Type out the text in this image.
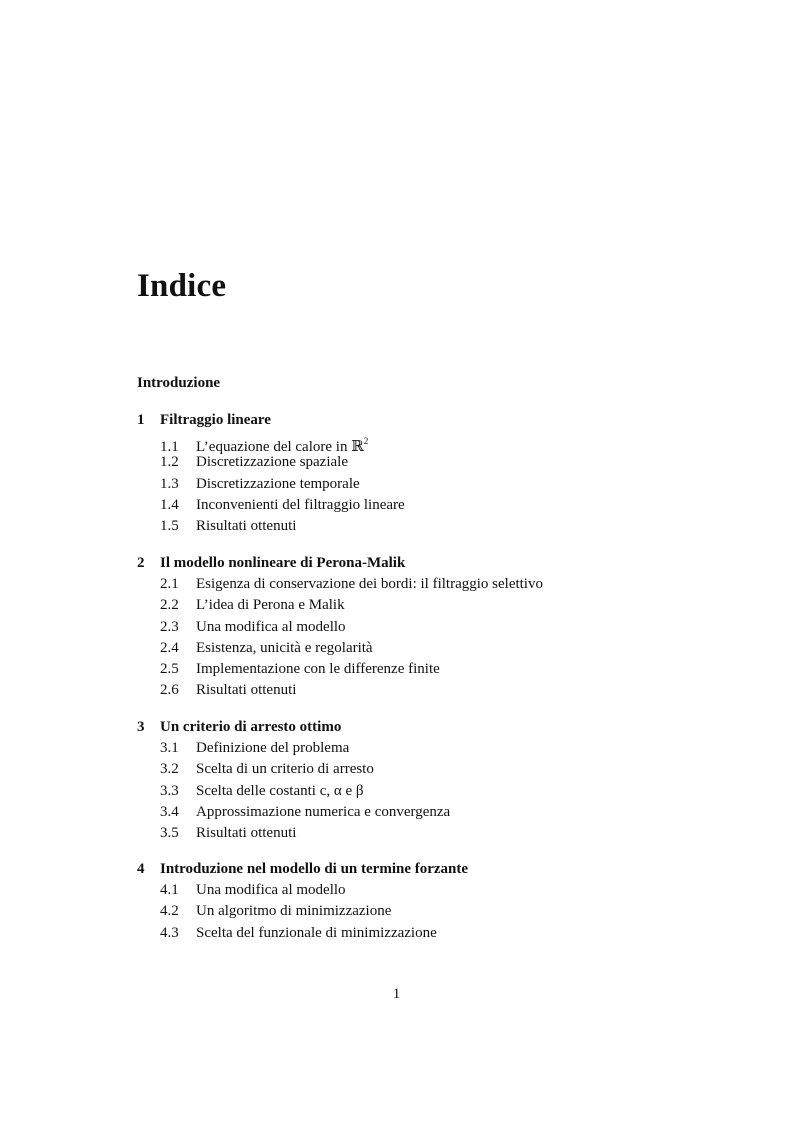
Indice
Introduzione
1 Filtraggio lineare
1.1 L’equazione del calore in ℝ$^2$
1.2 Discretizzazione spaziale
1.3 Discretizzazione temporale
1.4 Inconvenienti del filtraggio lineare
1.5 Risultati ottenuti
2 Il modello nonlineare di Perona-Malik
2.1 Esigenza di conservazione dei bordi: il filtraggio selettivo
2.2 L’idea di Perona e Malik
2.3 Una modifica al modello
2.4 Esistenza, unicità e regolarità
2.5 Implementazione con le differenze finite
2.6 Risultati ottenuti
3 Un criterio di arresto ottimo
3.1 Definizione del problema
3.2 Scelta di un criterio di arresto
3.3 Scelta delle costanti c, α e β
3.4 Approssimazione numerica e convergenza
3.5 Risultati ottenuti
4 Introduzione nel modello di un termine forzante
4.1 Una modifica al modello
4.2 Un algoritmo di minimizzazione
4.3 Scelta del funzionale di minimizzazione
1
